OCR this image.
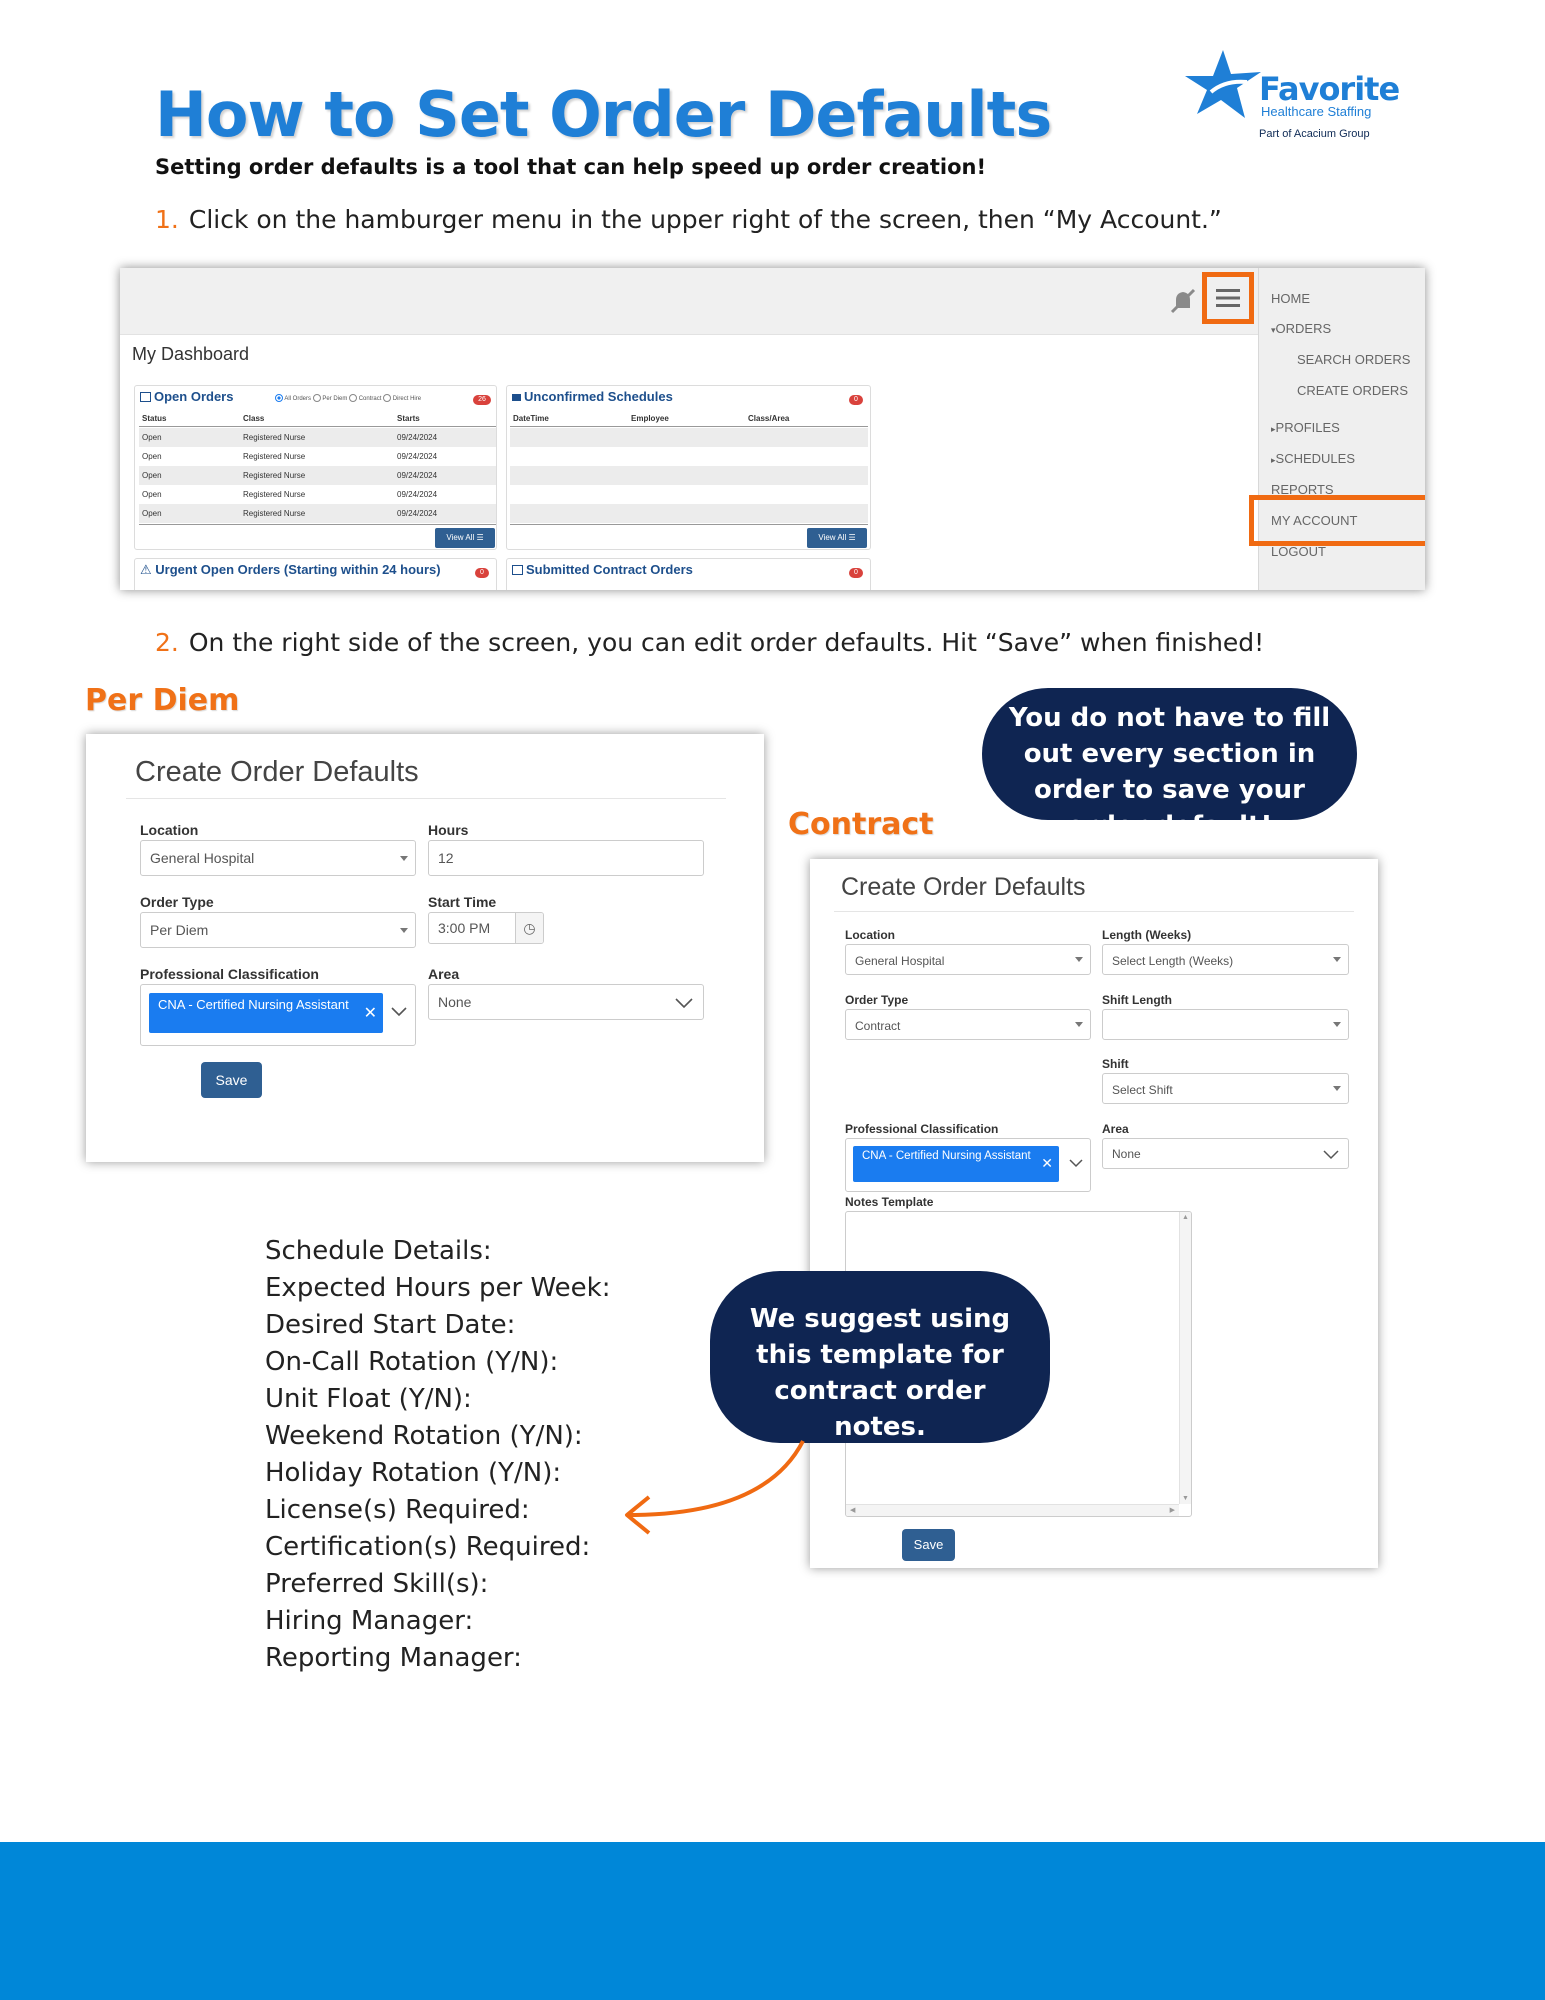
How to Set Order Defaults
Setting order defaults is a tool that can help speed up order creation!
Favorite
Healthcare Staffing
Part of Acacium Group
1. Click on the hamburger menu in the upper right of the screen, then “My Account.”
My Dashboard
Open Orders	All Orders Per Diem Contract Direct Hire	26
Status	Class	Starts
Open	Registered Nurse	09/24/2024
Open	Registered Nurse	09/24/2024
Open	Registered Nurse	09/24/2024
Open	Registered Nurse	09/24/2024
Open	Registered Nurse	09/24/2024
View All ☰
Unconfirmed Schedules	0
DateTime	Employee	Class/Area
View All ☰
⚠ Urgent Open Orders (Starting within 24 hours)	0	Submitted Contract Orders	0
HOME
▾ORDERS
SEARCH ORDERS
CREATE ORDERS
▸PROFILES
▸SCHEDULES
REPORTS
MY ACCOUNT
LOGOUT
2. On the right side of the screen, you can edit order defaults. Hit “Save” when finished!
Per Diem
Create Order Defaults
Location
General Hospital
Hours
12
Order Type
Per Diem
Start Time
3:00 PM	◷
Professional Classification
CNA - Certified Nursing Assistant
✕
Area
None
Save
You do not have to fill out every section in order to save your order default!
Contract
Create Order Defaults
Location
General Hospital
Length (Weeks)
Select Length (Weeks)
Order Type
Contract
Shift Length
Shift
Select Shift
Professional Classification
CNA - Certified Nursing Assistant ✕
Area
None
Notes Template
▲
▼
◀	▶
Save
We suggest using this template for contract order notes.
Schedule Details:
Expected Hours per Week:
Desired Start Date:
On-Call Rotation (Y/N):
Unit Float (Y/N):
Weekend Rotation (Y/N):
Holiday Rotation (Y/N):
License(s) Required:
Certification(s) Required:
Preferred Skill(s):
Hiring Manager:
Reporting Manager:
